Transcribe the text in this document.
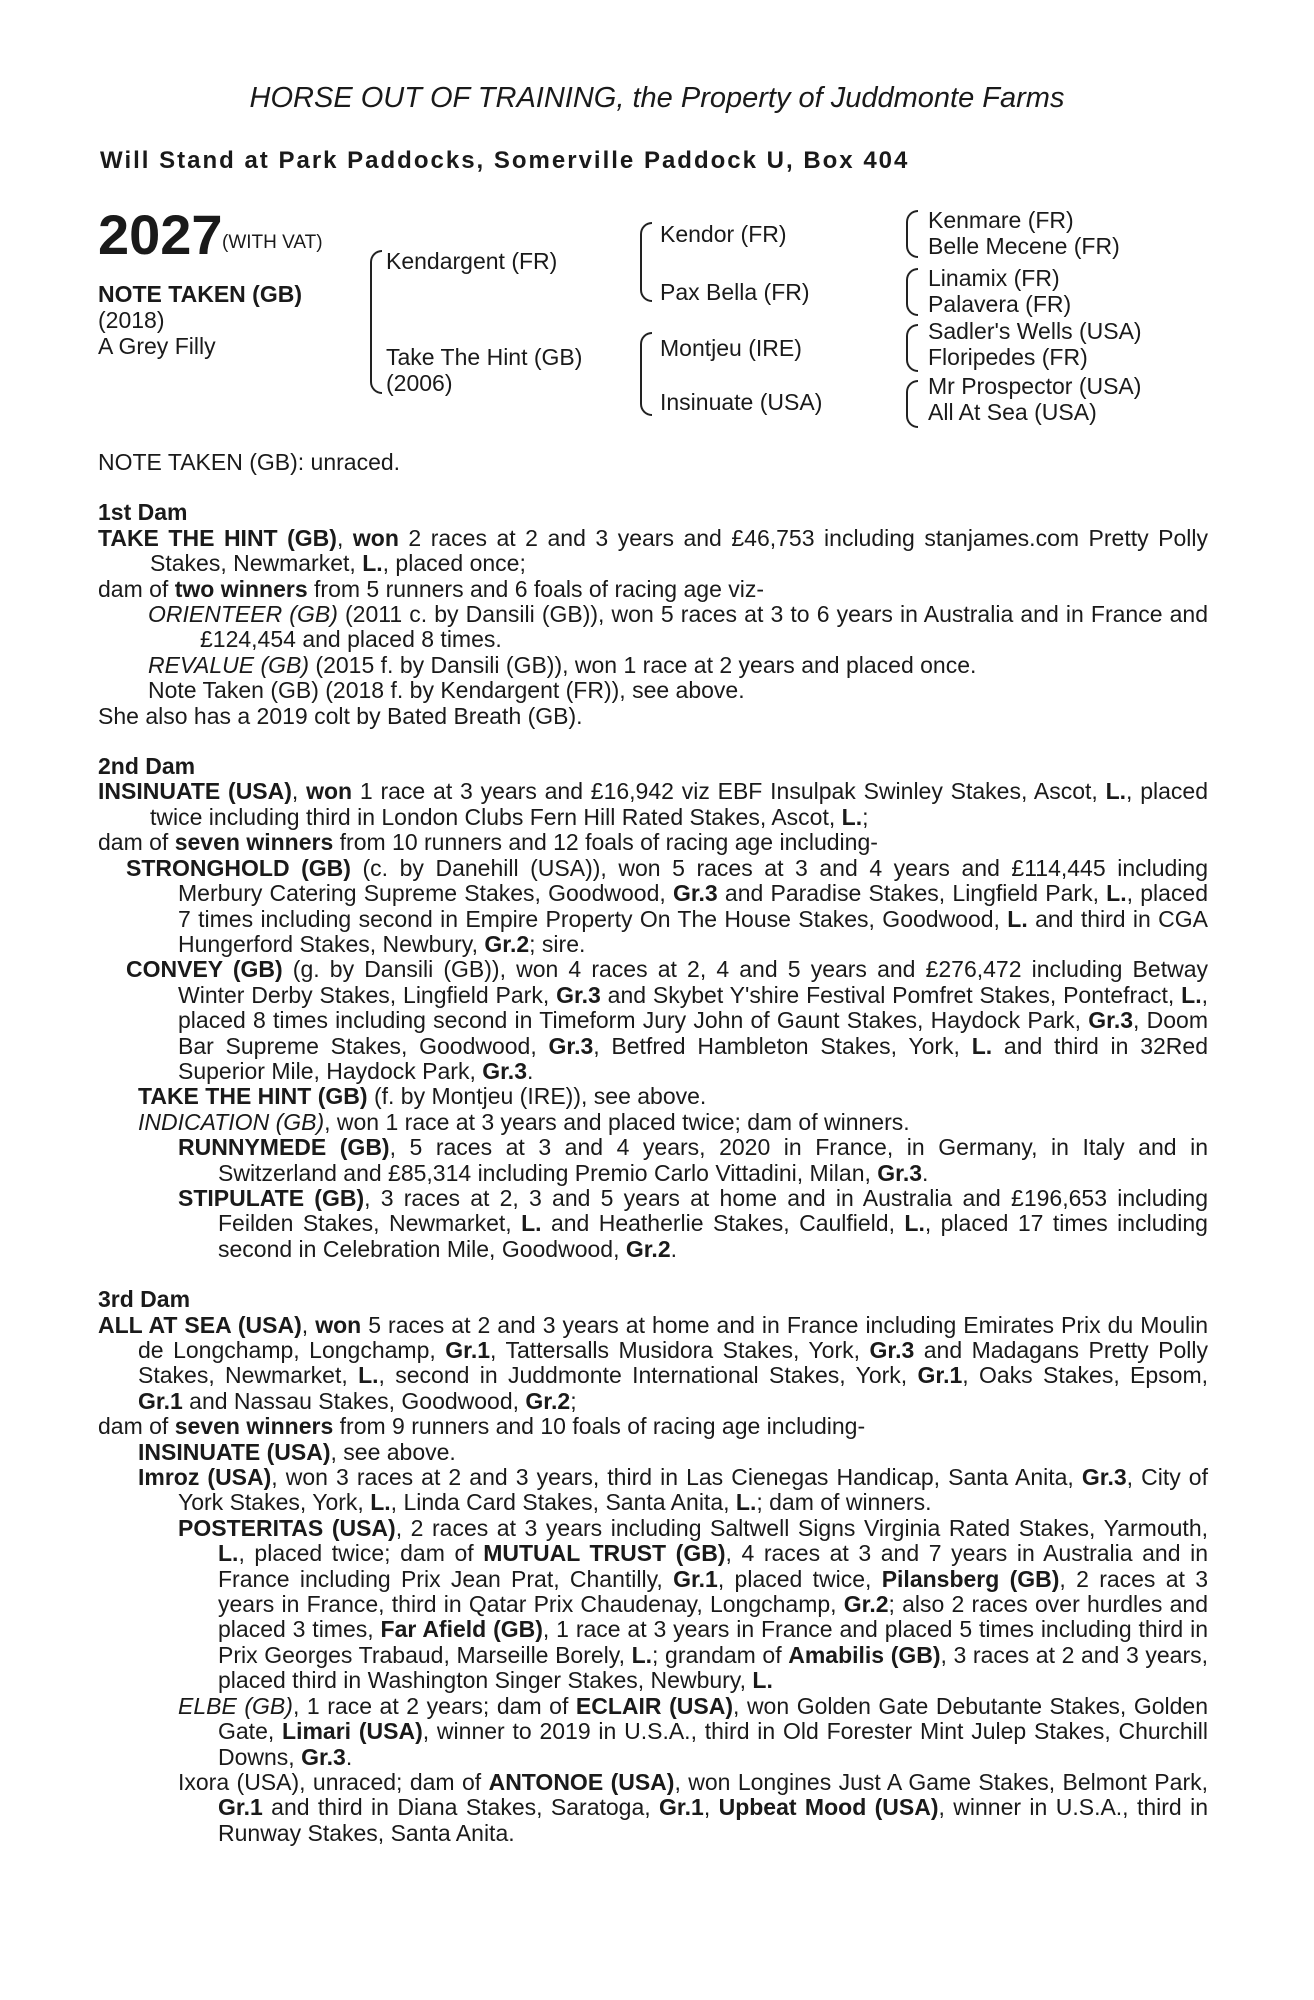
HORSE OUT OF TRAINING, the Property of Juddmonte Farms
Will Stand at Park Paddocks, Somerville Paddock U, Box 404
2027 (WITH VAT)
NOTE TAKEN (GB)
(2018)
A Grey Filly
Kendargent (FR)
Take The Hint (GB)
(2006)
Kendor (FR)
Pax Bella (FR)
Montjeu (IRE)
Insinuate (USA)
Kenmare (FR)
Belle Mecene (FR)
Linamix (FR)
Palavera (FR)
Sadler's Wells (USA)
Floripedes (FR)
Mr Prospector (USA)
All At Sea (USA)

NOTE TAKEN (GB): unraced.

1st Dam

TAKE THE HINT (GB), won 2 races at 2 and 3 years and £46,753 including stanjames.com Pretty Polly Stakes, Newmarket, L., placed once;

dam of two winners from 5 runners and 6 foals of racing age viz-

ORIENTEER (GB) (2011 c. by Dansili (GB)), won 5 races at 3 to 6 years in Australia and in France and £124,454 and placed 8 times.

REVALUE (GB) (2015 f. by Dansili (GB)), won 1 race at 2 years and placed once.

Note Taken (GB) (2018 f. by Kendargent (FR)), see above.

She also has a 2019 colt by Bated Breath (GB).

2nd Dam

INSINUATE (USA), won 1 race at 3 years and £16,942 viz EBF Insulpak Swinley Stakes, Ascot, L., placed twice including third in London Clubs Fern Hill Rated Stakes, Ascot, L.;

dam of seven winners from 10 runners and 12 foals of racing age including-

STRONGHOLD (GB) (c. by Danehill (USA)), won 5 races at 3 and 4 years and £114,445 including Merbury Catering Supreme Stakes, Goodwood, Gr.3 and Paradise Stakes, Lingfield Park, L., placed 7 times including second in Empire Property On The House Stakes, Goodwood, L. and third in CGA Hungerford Stakes, Newbury, Gr.2; sire.

CONVEY (GB) (g. by Dansili (GB)), won 4 races at 2, 4 and 5 years and £276,472 including Betway Winter Derby Stakes, Lingfield Park, Gr.3 and Skybet Y'shire Festival Pomfret Stakes, Pontefract, L., placed 8 times including second in Timeform Jury John of Gaunt Stakes, Haydock Park, Gr.3, Doom Bar Supreme Stakes, Goodwood, Gr.3, Betfred Hambleton Stakes, York, L. and third in 32Red Superior Mile, Haydock Park, Gr.3.

TAKE THE HINT (GB) (f. by Montjeu (IRE)), see above.

INDICATION (GB), won 1 race at 3 years and placed twice; dam of winners.

RUNNYMEDE (GB), 5 races at 3 and 4 years, 2020 in France, in Germany, in Italy and in Switzerland and £85,314 including Premio Carlo Vittadini, Milan, Gr.3.

STIPULATE (GB), 3 races at 2, 3 and 5 years at home and in Australia and £196,653 including Feilden Stakes, Newmarket, L. and Heatherlie Stakes, Caulfield, L., placed 17 times including second in Celebration Mile, Goodwood, Gr.2.

3rd Dam

ALL AT SEA (USA), won 5 races at 2 and 3 years at home and in France including Emirates Prix du Moulin de Longchamp, Longchamp, Gr.1, Tattersalls Musidora Stakes, York, Gr.3 and Madagans Pretty Polly Stakes, Newmarket, L., second in Juddmonte International Stakes, York, Gr.1, Oaks Stakes, Epsom, Gr.1 and Nassau Stakes, Goodwood, Gr.2;

dam of seven winners from 9 runners and 10 foals of racing age including-

INSINUATE (USA), see above.

Imroz (USA), won 3 races at 2 and 3 years, third in Las Cienegas Handicap, Santa Anita, Gr.3, City of York Stakes, York, L., Linda Card Stakes, Santa Anita, L.; dam of winners.

POSTERITAS (USA), 2 races at 3 years including Saltwell Signs Virginia Rated Stakes, Yarmouth, L., placed twice; dam of MUTUAL TRUST (GB), 4 races at 3 and 7 years in Australia and in France including Prix Jean Prat, Chantilly, Gr.1, placed twice, Pilansberg (GB), 2 races at 3 years in France, third in Qatar Prix Chaudenay, Longchamp, Gr.2; also 2 races over hurdles and placed 3 times, Far Afield (GB), 1 race at 3 years in France and placed 5 times including third in Prix Georges Trabaud, Marseille Borely, L.; grandam of Amabilis (GB), 3 races at 2 and 3 years, placed third in Washington Singer Stakes, Newbury, L.

ELBE (GB), 1 race at 2 years; dam of ECLAIR (USA), won Golden Gate Debutante Stakes, Golden Gate, Limari (USA), winner to 2019 in U.S.A., third in Old Forester Mint Julep Stakes, Churchill Downs, Gr.3.

Ixora (USA), unraced; dam of ANTONOE (USA), won Longines Just A Game Stakes, Belmont Park, Gr.1 and third in Diana Stakes, Saratoga, Gr.1, Upbeat Mood (USA), winner in U.S.A., third in Runway Stakes, Santa Anita.
